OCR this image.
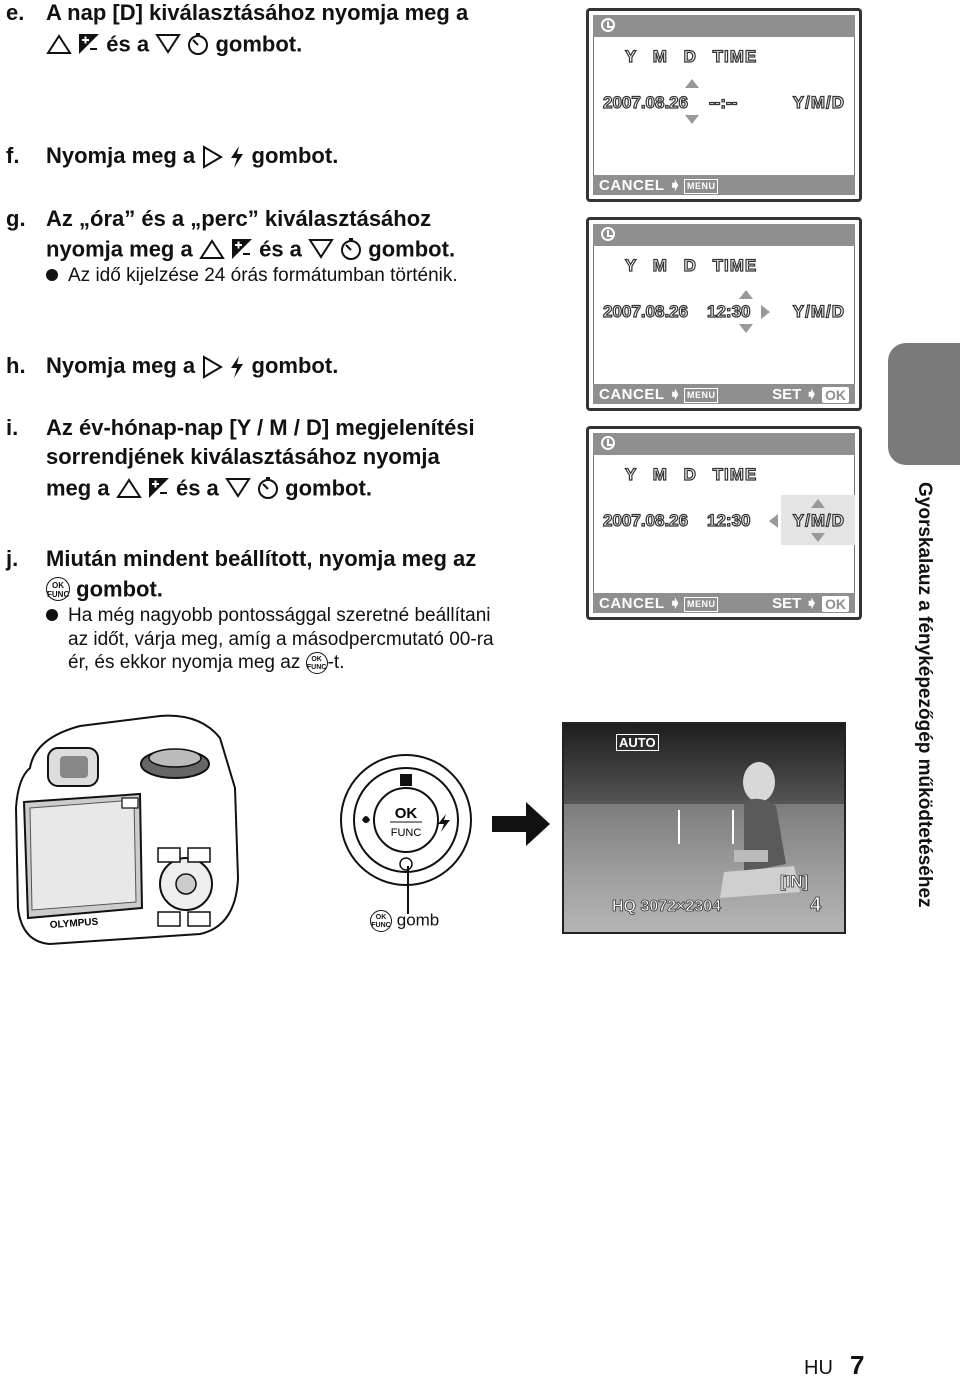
e. A nap [D] kiválasztásához nyomja meg a
és a	gombot.
f. Nyomja meg a	gombot.
g. Az „óra” és a „perc” kiválasztásához
nyomja meg a	és a	gombot.
Az idő kijelzése 24 órás formátumban történik.
h. Nyomja meg a	gombot.
i. Az év-hónap-nap [Y / M / D] megjelenítési
sorrendjének kiválasztásához nyomja
meg a	és a	gombot.
j. Miután mindent beállított, nyomja meg az
OK
FUNC gombot.
Ha még nagyobb pontossággal szeretné beállítani
az időt, várja meg, amíg a másodpercmutató 00-ra
ér, és ekkor nyomja meg az OK
FUNC-t.
Y M D TIME
2007.08.26 --:--	Y/M/D
CANCEL ➧ MENU
Y M D TIME
2007.08.26 12:30 Y/M/D
CANCEL ➧ MENU	SET ➧ OK
Y M D TIME
2007.08.26 12:30 Y/M/D
CANCEL ➧ MENU	SET ➧ OK
OLYMPUS
OK
FUNC
OK
FUNC gomb
AUTO
[IN]
HQ 3072×2304	4	Gyorskalauz a fényképezőgép működtetéséhez
HU 7
